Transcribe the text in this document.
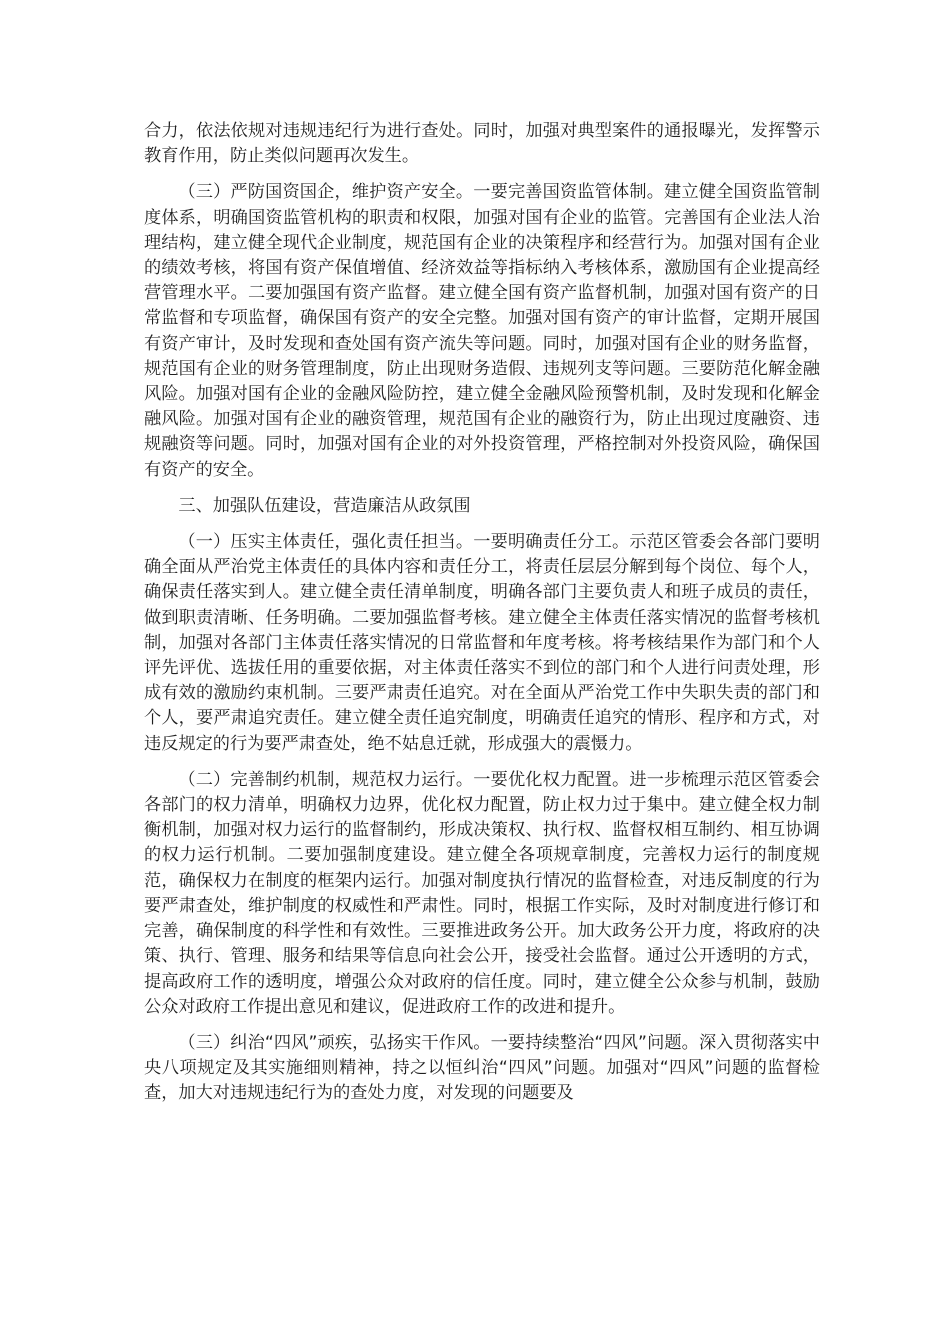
合力，依法依规对违规违纪行为进行查处。同时，加强对典型案件的通报曝光，发挥警示教育作用，防止类似问题再次发生。

（三）严防国资国企，维护资产安全。一要完善国资监管体制。建立健全国资监管制度体系，明确国资监管机构的职责和权限，加强对国有企业的监管。完善国有企业法人治理结构，建立健全现代企业制度，规范国有企业的决策程序和经营行为。加强对国有企业的绩效考核，将国有资产保值增值、经济效益等指标纳入考核体系，激励国有企业提高经营管理水平。二要加强国有资产监督。建立健全国有资产监督机制，加强对国有资产的日常监督和专项监督，确保国有资产的安全完整。加强对国有资产的审计监督，定期开展国有资产审计，及时发现和查处国有资产流失等问题。同时，加强对国有企业的财务监督，规范国有企业的财务管理制度，防止出现财务造假、违规列支等问题。三要防范化解金融风险。加强对国有企业的金融风险防控，建立健全金融风险预警机制，及时发现和化解金融风险。加强对国有企业的融资管理，规范国有企业的融资行为，防止出现过度融资、违规融资等问题。同时，加强对国有企业的对外投资管理，严格控制对外投资风险，确保国有资产的安全。

三、加强队伍建设，营造廉洁从政氛围

（一）压实主体责任，强化责任担当。一要明确责任分工。示范区管委会各部门要明确全面从严治党主体责任的具体内容和责任分工，将责任层层分解到每个岗位、每个人，确保责任落实到人。建立健全责任清单制度，明确各部门主要负责人和班子成员的责任，做到职责清晰、任务明确。二要加强监督考核。建立健全主体责任落实情况的监督考核机制，加强对各部门主体责任落实情况的日常监督和年度考核。将考核结果作为部门和个人评先评优、选拔任用的重要依据，对主体责任落实不到位的部门和个人进行问责处理，形成有效的激励约束机制。三要严肃责任追究。对在全面从严治党工作中失职失责的部门和个人，要严肃追究责任。建立健全责任追究制度，明确责任追究的情形、程序和方式，对违反规定的行为要严肃查处，绝不姑息迁就，形成强大的震慑力。

（二）完善制约机制，规范权力运行。一要优化权力配置。进一步梳理示范区管委会各部门的权力清单，明确权力边界，优化权力配置，防止权力过于集中。建立健全权力制衡机制，加强对权力运行的监督制约，形成决策权、执行权、监督权相互制约、相互协调的权力运行机制。二要加强制度建设。建立健全各项规章制度，完善权力运行的制度规范，确保权力在制度的框架内运行。加强对制度执行情况的监督检查，对违反制度的行为要严肃查处，维护制度的权威性和严肃性。同时，根据工作实际，及时对制度进行修订和完善，确保制度的科学性和有效性。三要推进政务公开。加大政务公开力度，将政府的决策、执行、管理、服务和结果等信息向社会公开，接受社会监督。通过公开透明的方式，提高政府工作的透明度，增强公众对政府的信任度。同时，建立健全公众参与机制，鼓励公众对政府工作提出意见和建议，促进政府工作的改进和提升。

（三）纠治“四风”顽疾，弘扬实干作风。一要持续整治“四风”问题。深入贯彻落实中央八项规定及其实施细则精神，持之以恒纠治“四风”问题。加强对“四风”问题的监督检查，加大对违规违纪行为的查处力度，对发现的问题要及
